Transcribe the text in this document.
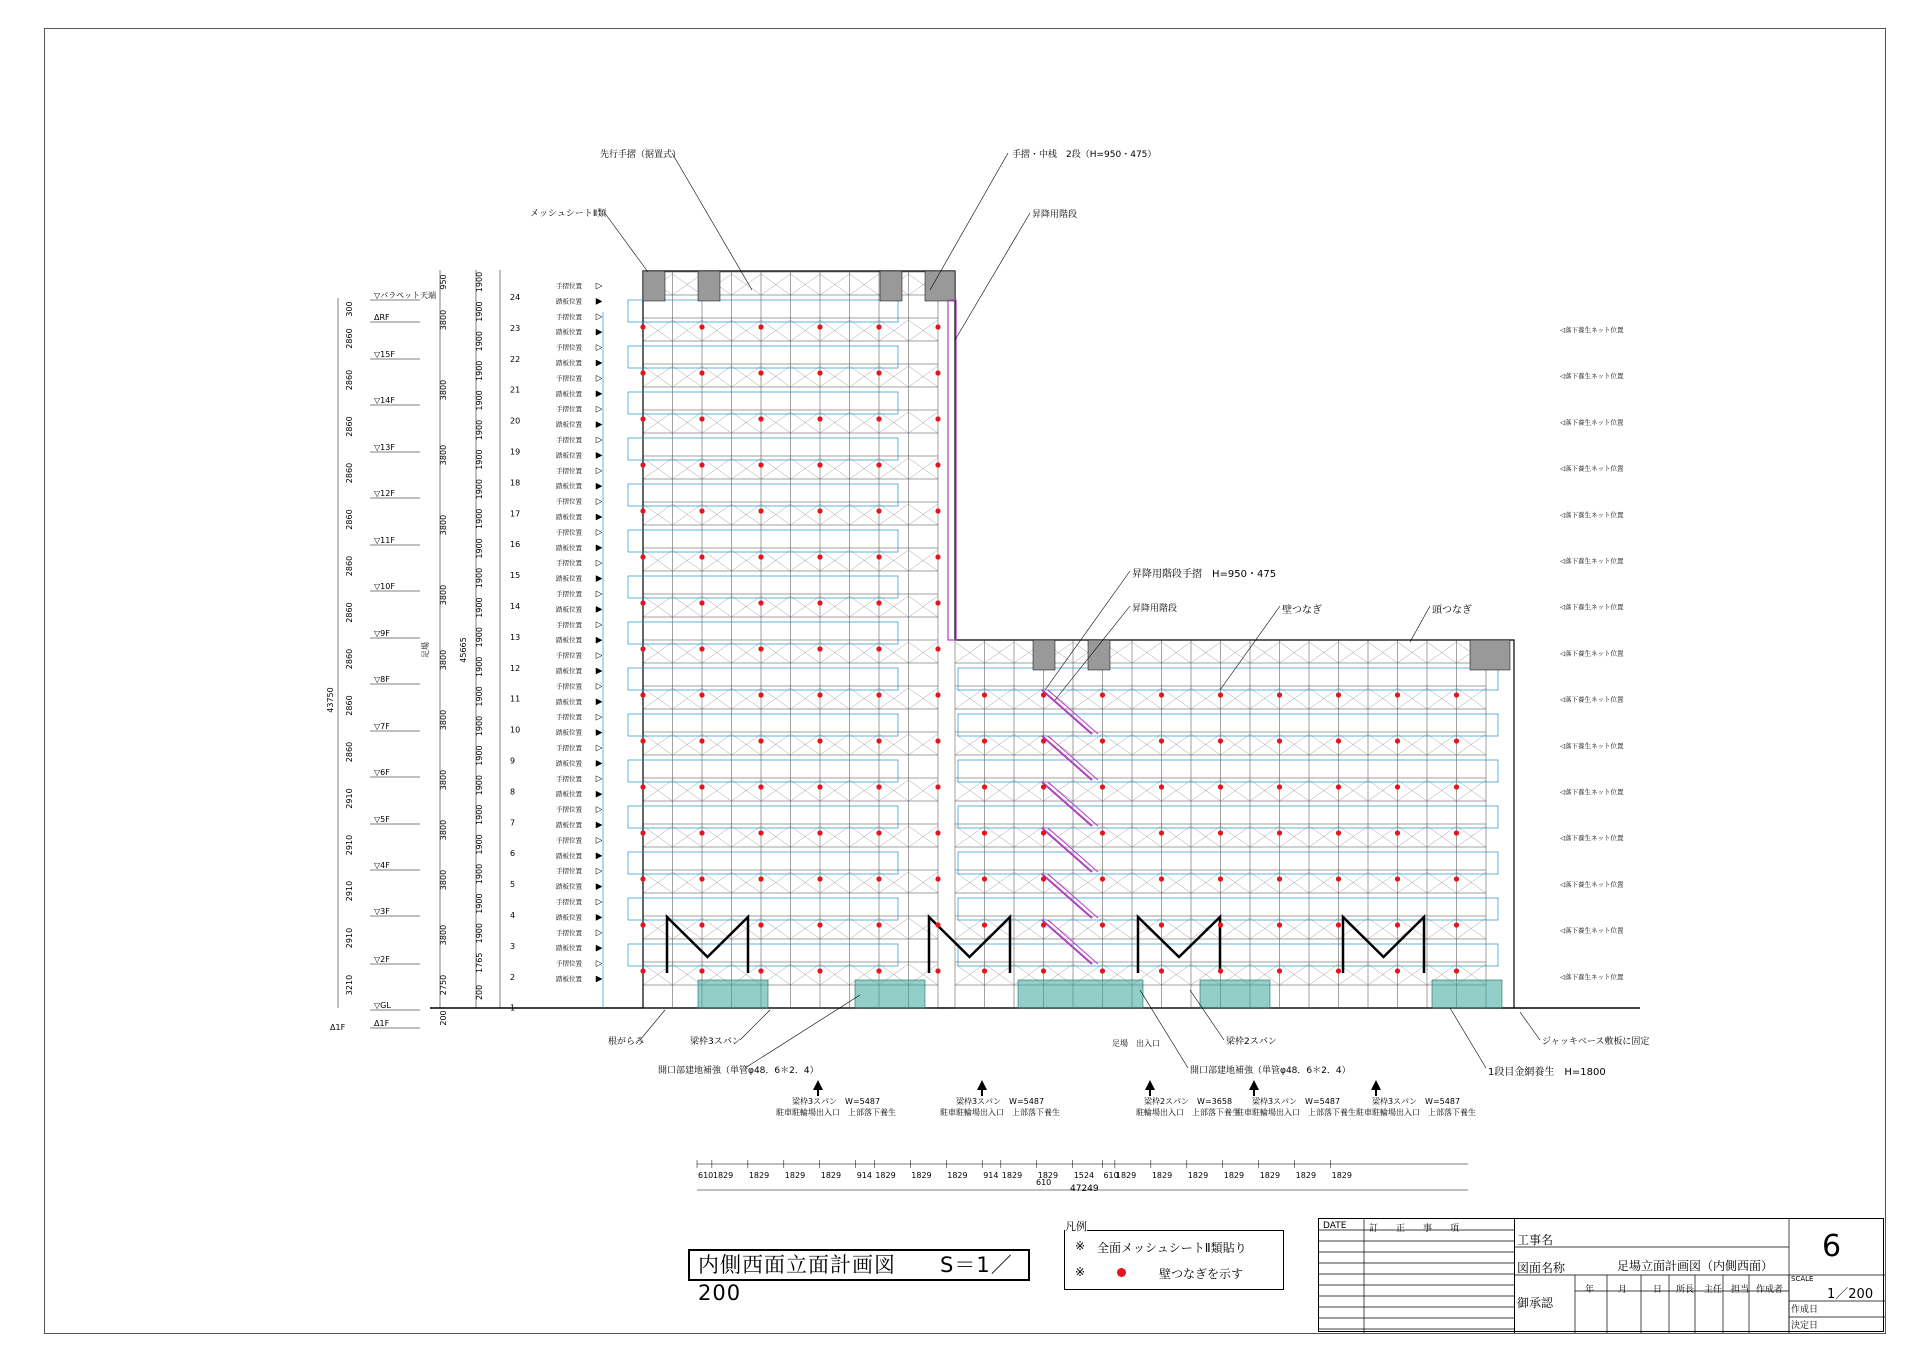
▽パラペット天端
300
ΔRF
2860
▽15F
2860
▽14F
2860
▽13F
2860
▽12F
2860
▽11F
2860
▽10F
2860
▽9F
2860
▽8F
2860
▽7F
2860
▽6F
2910
▽5F
2910
▽4F
2910
▽3F
2910
▽2F
3210
▽GL
Δ1F
43750
Δ1F
950
3800
3800
3800
3800
3800
3800
3800
3800
3800
3800
3800
2750
200
足場	45665
1900
1900
1900
1900
1900
1900
1900
1900
1900
1900
1900
1900
1900
1900
1900
1900
1900
1900
1900
1900
1900
1900
1900
1765
200
24
23
22
21
20
19
18
17
16
15
14
13
12
11
10
9
8
7
6
5
4
3
2
1
手摺位置
踏板位置
手摺位置
踏板位置
手摺位置
踏板位置
手摺位置
踏板位置
手摺位置
踏板位置
手摺位置
踏板位置
手摺位置
踏板位置
手摺位置
踏板位置
手摺位置
踏板位置
手摺位置
踏板位置
手摺位置
踏板位置
手摺位置
踏板位置
手摺位置
踏板位置
手摺位置
踏板位置
手摺位置
踏板位置
手摺位置
踏板位置
手摺位置
踏板位置
手摺位置
踏板位置
手摺位置
踏板位置
手摺位置
踏板位置
手摺位置
踏板位置
手摺位置
踏板位置
手摺位置
踏板位置
◁落下養生ネット位置
◁落下養生ネット位置
◁落下養生ネット位置
◁落下養生ネット位置
◁落下養生ネット位置
◁落下養生ネット位置
◁落下養生ネット位置
◁落下養生ネット位置
◁落下養生ネット位置
◁落下養生ネット位置
◁落下養生ネット位置
◁落下養生ネット位置
◁落下養生ネット位置
◁落下養生ネット位置
◁落下養生ネット位置
610 1829 1829 1829 1829 914 1829 1829 1829 914 1829 1829 1524 610
1829 1829 1829 1829 1829 1829 1829
先行手摺（据置式）	手摺・中桟　2段（H=950・475）
メッシュシートⅡ類	昇降用階段
昇降用階段手摺　H=950・475
昇降用階段	壁つなぎ	頭つなぎ
根がらみ	梁枠3スパン	梁枠2スパン
開口部建地補強（単管φ48．6＊2．4）	開口部建地補強（単管φ48．6＊2．4）
ジャッキベース敷板に固定
1段目金網養生　H=1800
足場　出入口
梁枠3スパン　W=5487
駐車駐輪場出入口　上部落下養生
梁枠3スパン　W=5487
駐車駐輪場出入口　上部落下養生
梁枠2スパン　W=3658
駐輪場出入口　上部落下養生
梁枠3スパン　W=5487
駐車駐輪場出入口　上部落下養生
梁枠3スパン　W=5487
駐車駐輪場出入口　上部落下養生
47249
610
内側西面立面計画図　　S＝1／200
凡例
※ 全面メッシュシートⅡ類貼り
※	壁つなぎを示す
DATE	訂　　正　　事　　項
工事名
図面名称	足場立面計画図（内側西面）
御承認
年	月	日 所長 主任 担当 作成者
6
SCALE
1／200
作成日
決定日
